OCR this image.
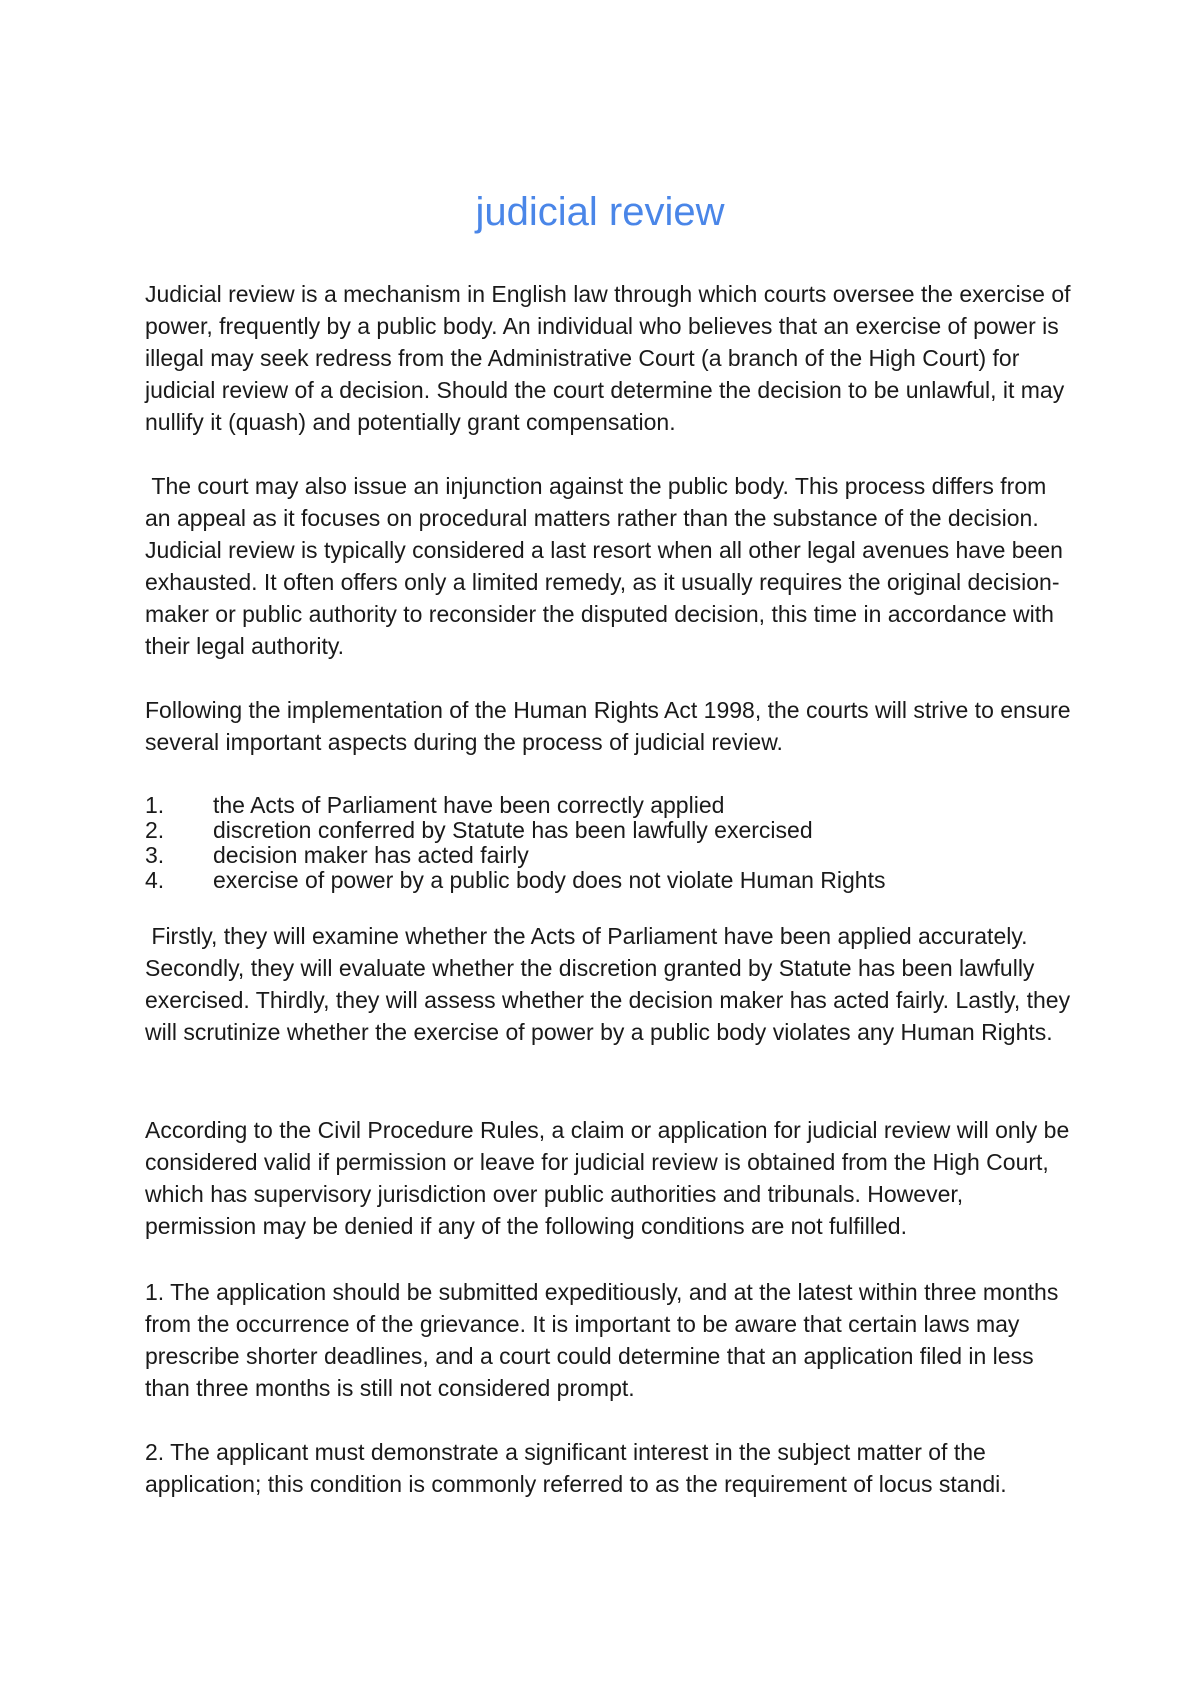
judicial review

Judicial review is a mechanism in English law through which courts oversee the exercise of power, frequently by a public body. An individual who believes that an exercise of power is illegal may seek redress from the Administrative Court (a branch of the High Court) for judicial review of a decision. Should the court determine the decision to be unlawful, it may nullify it (quash) and potentially grant compensation.

The court may also issue an injunction against the public body. This process differs from an appeal as it focuses on procedural matters rather than the substance of the decision. Judicial review is typically considered a last resort when all other legal avenues have been exhausted. It often offers only a limited remedy, as it usually requires the original decision-maker or public authority to reconsider the disputed decision, this time in accordance with their legal authority.

Following the implementation of the Human Rights Act 1998, the courts will strive to ensure several important aspects during the process of judicial review.

1. the Acts of Parliament have been correctly applied
2. discretion conferred by Statute has been lawfully exercised
3. decision maker has acted fairly
4. exercise of power by a public body does not violate Human Rights

Firstly, they will examine whether the Acts of Parliament have been applied accurately. Secondly, they will evaluate whether the discretion granted by Statute has been lawfully exercised. Thirdly, they will assess whether the decision maker has acted fairly. Lastly, they will scrutinize whether the exercise of power by a public body violates any Human Rights.

According to the Civil Procedure Rules, a claim or application for judicial review will only be considered valid if permission or leave for judicial review is obtained from the High Court, which has supervisory jurisdiction over public authorities and tribunals. However, permission may be denied if any of the following conditions are not fulfilled.

1. The application should be submitted expeditiously, and at the latest within three months from the occurrence of the grievance. It is important to be aware that certain laws may prescribe shorter deadlines, and a court could determine that an application filed in less than three months is still not considered prompt.

2. The applicant must demonstrate a significant interest in the subject matter of the application; this condition is commonly referred to as the requirement of locus standi.
